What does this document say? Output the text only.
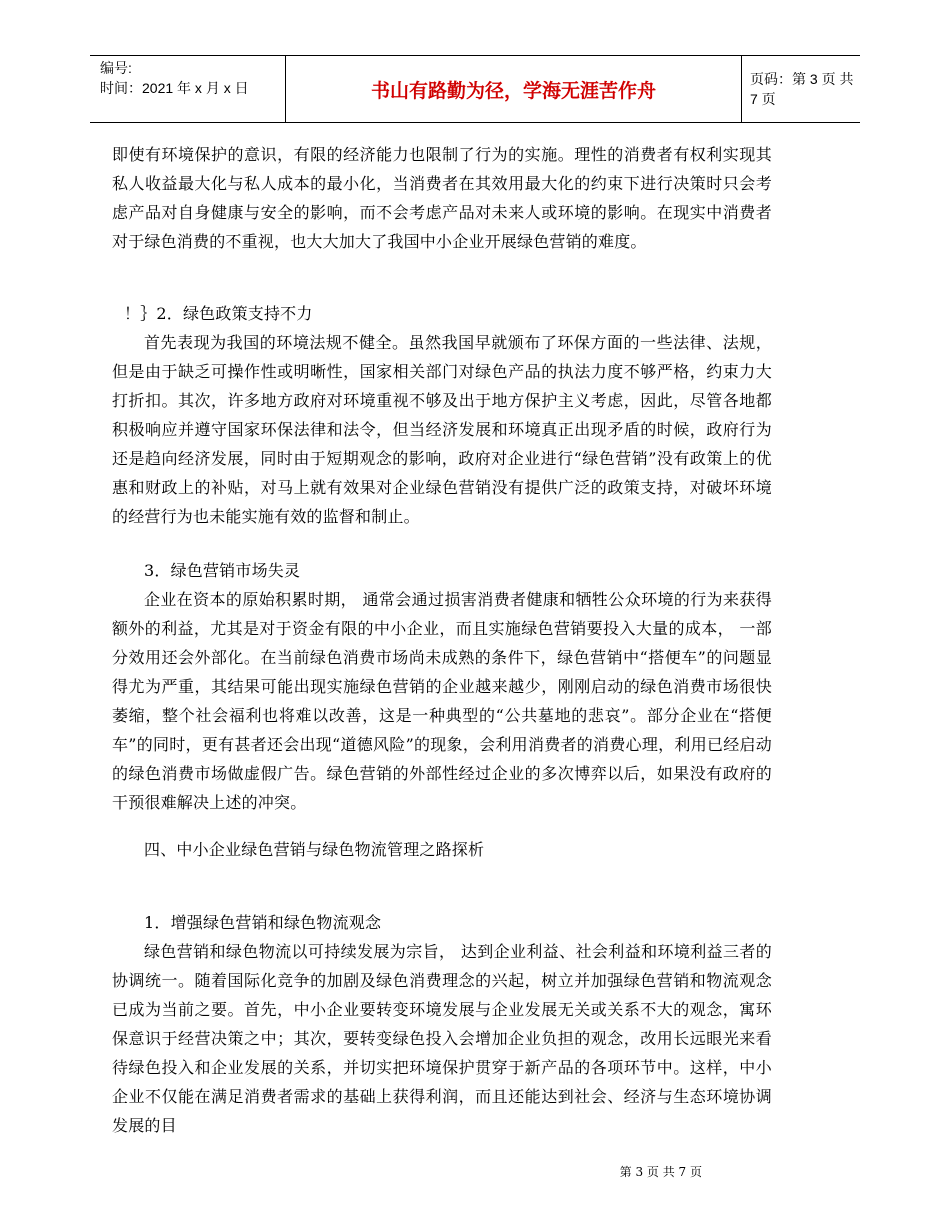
编号:
时间：2021 年 x 月 x 日	书山有路勤为径，学海无涯苦作舟
页码：第 3 页 共 7 页

即使有环境保护的意识，有限的经济能力也限制了行为的实施。理性的消费者有权利实现其私人收益最大化与私人成本的最小化，当消费者在其效用最大化的约束下进行决策时只会考虑产品对自身健康与安全的影响，而不会考虑产品对未来人或环境的影响。在现实中消费者对于绿色消费的不重视，也大大加大了我国中小企业开展绿色营销的难度。

！｝2．绿色政策支持不力

首先表现为我国的环境法规不健全。虽然我国早就颁布了环保方面的一些法律、法规，但是由于缺乏可操作性或明晰性，国家相关部门对绿色产品的执法力度不够严格，约束力大打折扣。其次，许多地方政府对环境重视不够及出于地方保护主义考虑，因此，尽管各地都积极响应并遵守国家环保法律和法令，但当经济发展和环境真正出现矛盾的时候，政府行为还是趋向经济发展，同时由于短期观念的影响，政府对企业进行“绿色营销”没有政策上的优惠和财政上的补贴，对马上就有效果对企业绿色营销没有提供广泛的政策支持，对破坏环境的经营行为也未能实施有效的监督和制止。

3．绿色营销市场失灵

企业在资本的原始积累时期， 通常会通过损害消费者健康和牺牲公众环境的行为来获得额外的利益，尤其是对于资金有限的中小企业，而且实施绿色营销要投入大量的成本， 一部分效用还会外部化。在当前绿色消费市场尚未成熟的条件下，绿色营销中“搭便车”的问题显得尤为严重，其结果可能出现实施绿色营销的企业越来越少，刚刚启动的绿色消费市场很快萎缩，整个社会福利也将难以改善，这是一种典型的“公共墓地的悲哀”。部分企业在“搭便车”的同时，更有甚者还会出现“道德风险”的现象，会利用消费者的消费心理，利用已经启动的绿色消费市场做虚假广告。绿色营销的外部性经过企业的多次博弈以后，如果没有政府的干预很难解决上述的冲突。

四、中小企业绿色营销与绿色物流管理之路探析

1．增强绿色营销和绿色物流观念

绿色营销和绿色物流以可持续发展为宗旨， 达到企业利益、社会利益和环境利益三者的协调统一。随着国际化竞争的加剧及绿色消费理念的兴起，树立并加强绿色营销和物流观念已成为当前之要。首先，中小企业要转变环境发展与企业发展无关或关系不大的观念，寓环保意识于经营决策之中；其次，要转变绿色投入会增加企业负担的观念，改用长远眼光来看待绿色投入和企业发展的关系，并切实把环境保护贯穿于新产品的各项环节中。这样，中小企业不仅能在满足消费者需求的基础上获得利润，而且还能达到社会、经济与生态环境协调发展的目

第 3 页 共 7 页
